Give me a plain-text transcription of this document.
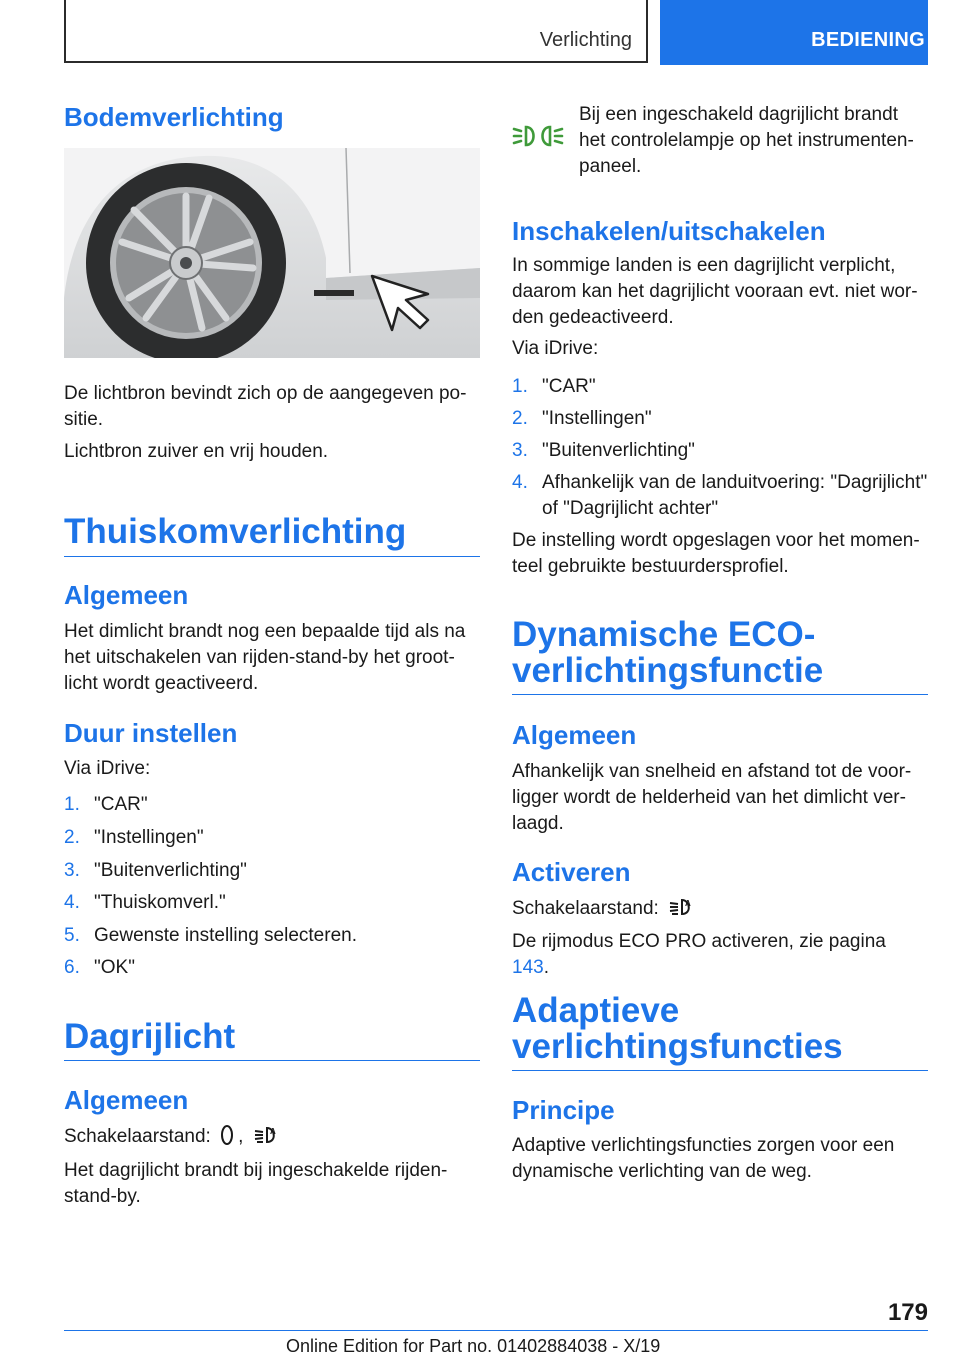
Verlichting	BEDIENING
Bodemverlichting

De lichtbron bevindt zich op de aangegeven po-sitie.

Lichtbron zuiver en vrij houden.

Thuiskomverlichting
Algemeen

Het dimlicht brandt nog een bepaalde tijd als na het uitschakelen van rijden-stand-by het groot-licht wordt geactiveerd.

Duur instellen

Via iDrive:

1. "CAR"
2. "Instellingen"
3. "Buitenverlichting"
4. "Thuiskomverl."
5. Gewenste instelling selecteren.
6. "OK"
Dagrijlicht
Algemeen

Schakelaarstand: ,	A

Het dagrijlicht brandt bij ingeschakelde rijden-stand-by.

Bij een ingeschakeld dagrijlicht brandt het controlelampje op het instrumenten-paneel.

Inschakelen/uitschakelen

In sommige landen is een dagrijlicht verplicht, daarom kan het dagrijlicht vooraan evt. niet wor-den gedeactiveerd.

Via iDrive:

1. "CAR"
2. "Instellingen"
3. "Buitenverlichting"
4. Afhankelijk van de landuitvoering: "Dagrijlicht" of "Dagrijlicht achter"

De instelling wordt opgeslagen voor het momen-teel gebruikte bestuurdersprofiel.

Dynamische ECO-
verlichtingsfunctie
Algemeen

Afhankelijk van snelheid en afstand tot de voor-ligger wordt de helderheid van het dimlicht ver-laagd.

Activeren

Schakelaarstand:	A

De rijmodus ECO PRO activeren, zie pagina 143.

Adaptieve
verlichtingsfuncties
Principe

Adaptive verlichtingsfuncties zorgen voor een dynamische verlichting van de weg.

179
Online Edition for Part no. 01402884038 - X/19
